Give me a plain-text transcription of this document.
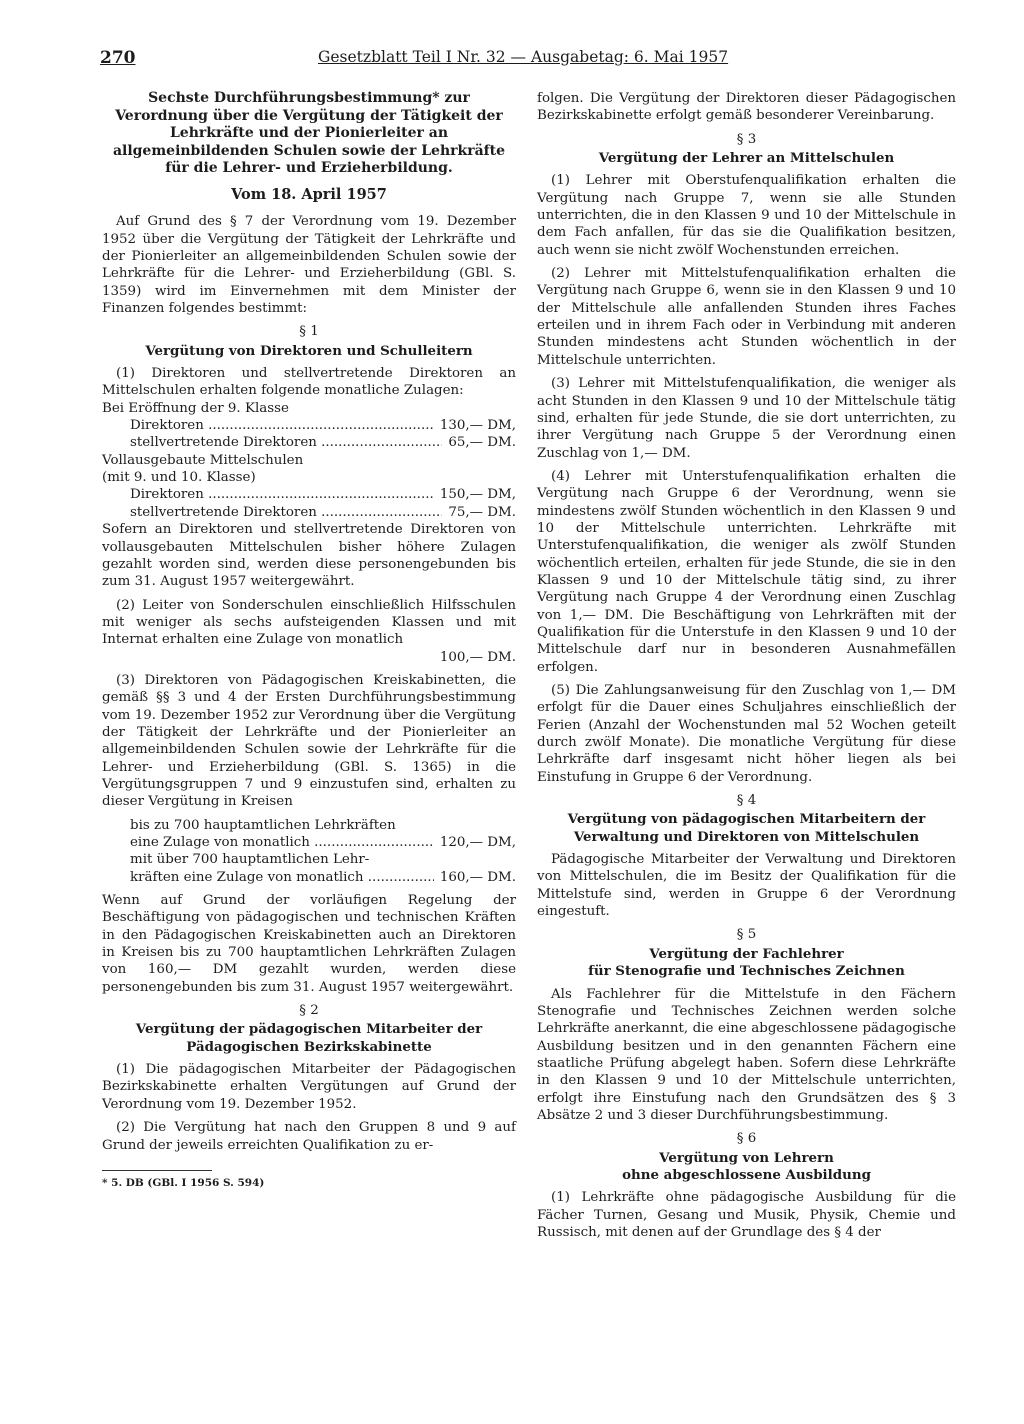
270	Gesetzblatt Teil I Nr. 32 — Ausgabetag: 6. Mai 1957
Sechste Durchführungsbestimmung* zur Verordnung über die Vergütung der Tätigkeit der Lehrkräfte und der Pionierleiter an allgemeinbildenden Schulen sowie der Lehrkräfte für die Lehrer- und Erzieherbildung.
Vom 18. April 1957

Auf Grund des § 7 der Verordnung vom 19. Dezember 1952 über die Vergütung der Tätigkeit der Lehrkräfte und der Pionierleiter an allgemeinbildenden Schulen sowie der Lehrkräfte für die Lehrer- und Erzieherbildung (GBl. S. 1359) wird im Einvernehmen mit dem Minister der Finanzen folgendes bestimmt:

§ 1
Vergütung von Direktoren und Schulleitern

(1) Direktoren und stellvertretende Direktoren an Mittelschulen erhalten folgende monatliche Zulagen:

Bei Eröffnung der 9. Klasse
Direktoren .....	130,— DM,
stellvertretende Direktoren .....	65,— DM.
Vollausgebaute Mittelschulen
(mit 9. und 10. Klasse)
Direktoren .....	150,— DM,
stellvertretende Direktoren .....	75,— DM.

Sofern an Direktoren und stellvertretende Direktoren von vollausgebauten Mittelschulen bisher höhere Zulagen gezahlt worden sind, werden diese personengebunden bis zum 31. August 1957 weitergewährt.

(2) Leiter von Sonderschulen einschließlich Hilfsschulen mit weniger als sechs aufsteigenden Klassen und mit Internat erhalten eine Zulage von monatlich

100,— DM.

(3) Direktoren von Pädagogischen Kreiskabinetten, die gemäß §§ 3 und 4 der Ersten Durchführungsbestimmung vom 19. Dezember 1952 zur Verordnung über die Vergütung der Tätigkeit der Lehrkräfte und der Pionierleiter an allgemeinbildenden Schulen sowie der Lehrkräfte für die Lehrer- und Erzieherbildung (GBl. S. 1365) in die Vergütungsgruppen 7 und 9 einzustufen sind, erhalten zu dieser Vergütung in Kreisen

bis zu 700 hauptamtlichen Lehrkräften
eine Zulage von monatlich .....	120,— DM,
mit über 700 hauptamtlichen Lehr-
kräften eine Zulage von monatlich .....	160,— DM.

Wenn auf Grund der vorläufigen Regelung der Beschäftigung von pädagogischen und technischen Kräften in den Pädagogischen Kreiskabinetten auch an Direktoren in Kreisen bis zu 700 hauptamtlichen Lehrkräften Zulagen von 160,— DM gezahlt wurden, werden diese personengebunden bis zum 31. August 1957 weitergewährt.

§ 2
Vergütung der pädagogischen Mitarbeiter der Pädagogischen Bezirkskabinette

(1) Die pädagogischen Mitarbeiter der Pädagogischen Bezirkskabinette erhalten Vergütungen auf Grund der Verordnung vom 19. Dezember 1952.

(2) Die Vergütung hat nach den Gruppen 8 und 9 auf Grund der jeweils erreichten Qualifikation zu er-

* 5. DB (GBl. I 1956 S. 594)

folgen. Die Vergütung der Direktoren dieser Pädagogischen Bezirkskabinette erfolgt gemäß besonderer Vereinbarung.

§ 3
Vergütung der Lehrer an Mittelschulen

(1) Lehrer mit Oberstufenqualifikation erhalten die Vergütung nach Gruppe 7, wenn sie alle Stunden unterrichten, die in den Klassen 9 und 10 der Mittelschule in dem Fach anfallen, für das sie die Qualifikation besitzen, auch wenn sie nicht zwölf Wochenstunden erreichen.

(2) Lehrer mit Mittelstufenqualifikation erhalten die Vergütung nach Gruppe 6, wenn sie in den Klassen 9 und 10 der Mittelschule alle anfallenden Stunden ihres Faches erteilen und in ihrem Fach oder in Verbindung mit anderen Stunden mindestens acht Stunden wöchentlich in der Mittelschule unterrichten.

(3) Lehrer mit Mittelstufenqualifikation, die weniger als acht Stunden in den Klassen 9 und 10 der Mittelschule tätig sind, erhalten für jede Stunde, die sie dort unterrichten, zu ihrer Vergütung nach Gruppe 5 der Verordnung einen Zuschlag von 1,— DM.

(4) Lehrer mit Unterstufenqualifikation erhalten die Vergütung nach Gruppe 6 der Verordnung, wenn sie mindestens zwölf Stunden wöchentlich in den Klassen 9 und 10 der Mittelschule unterrichten. Lehrkräfte mit Unterstufenqualifikation, die weniger als zwölf Stunden wöchentlich erteilen, erhalten für jede Stunde, die sie in den Klassen 9 und 10 der Mittelschule tätig sind, zu ihrer Vergütung nach Gruppe 4 der Verordnung einen Zuschlag von 1,— DM. Die Beschäftigung von Lehrkräften mit der Qualifikation für die Unterstufe in den Klassen 9 und 10 der Mittelschule darf nur in besonderen Ausnahmefällen erfolgen.

(5) Die Zahlungsanweisung für den Zuschlag von 1,— DM erfolgt für die Dauer eines Schuljahres einschließlich der Ferien (Anzahl der Wochenstunden mal 52 Wochen geteilt durch zwölf Monate). Die monatliche Vergütung für diese Lehrkräfte darf insgesamt nicht höher liegen als bei Einstufung in Gruppe 6 der Verordnung.

§ 4
Vergütung von pädagogischen Mitarbeitern der Verwaltung und Direktoren von Mittelschulen

Pädagogische Mitarbeiter der Verwaltung und Direktoren von Mittelschulen, die im Besitz der Qualifikation für die Mittelstufe sind, werden in Gruppe 6 der Verordnung eingestuft.

§ 5
Vergütung der Fachlehrer
für Stenografie und Technisches Zeichnen

Als Fachlehrer für die Mittelstufe in den Fächern Stenografie und Technisches Zeichnen werden solche Lehrkräfte anerkannt, die eine abgeschlossene pädagogische Ausbildung besitzen und in den genannten Fächern eine staatliche Prüfung abgelegt haben. Sofern diese Lehrkräfte in den Klassen 9 und 10 der Mittelschule unterrichten, erfolgt ihre Einstufung nach den Grundsätzen des § 3 Absätze 2 und 3 dieser Durchführungsbestimmung.

§ 6
Vergütung von Lehrern
ohne abgeschlossene Ausbildung

(1) Lehrkräfte ohne pädagogische Ausbildung für die Fächer Turnen, Gesang und Musik, Physik, Chemie und Russisch, mit denen auf der Grundlage des § 4 der
